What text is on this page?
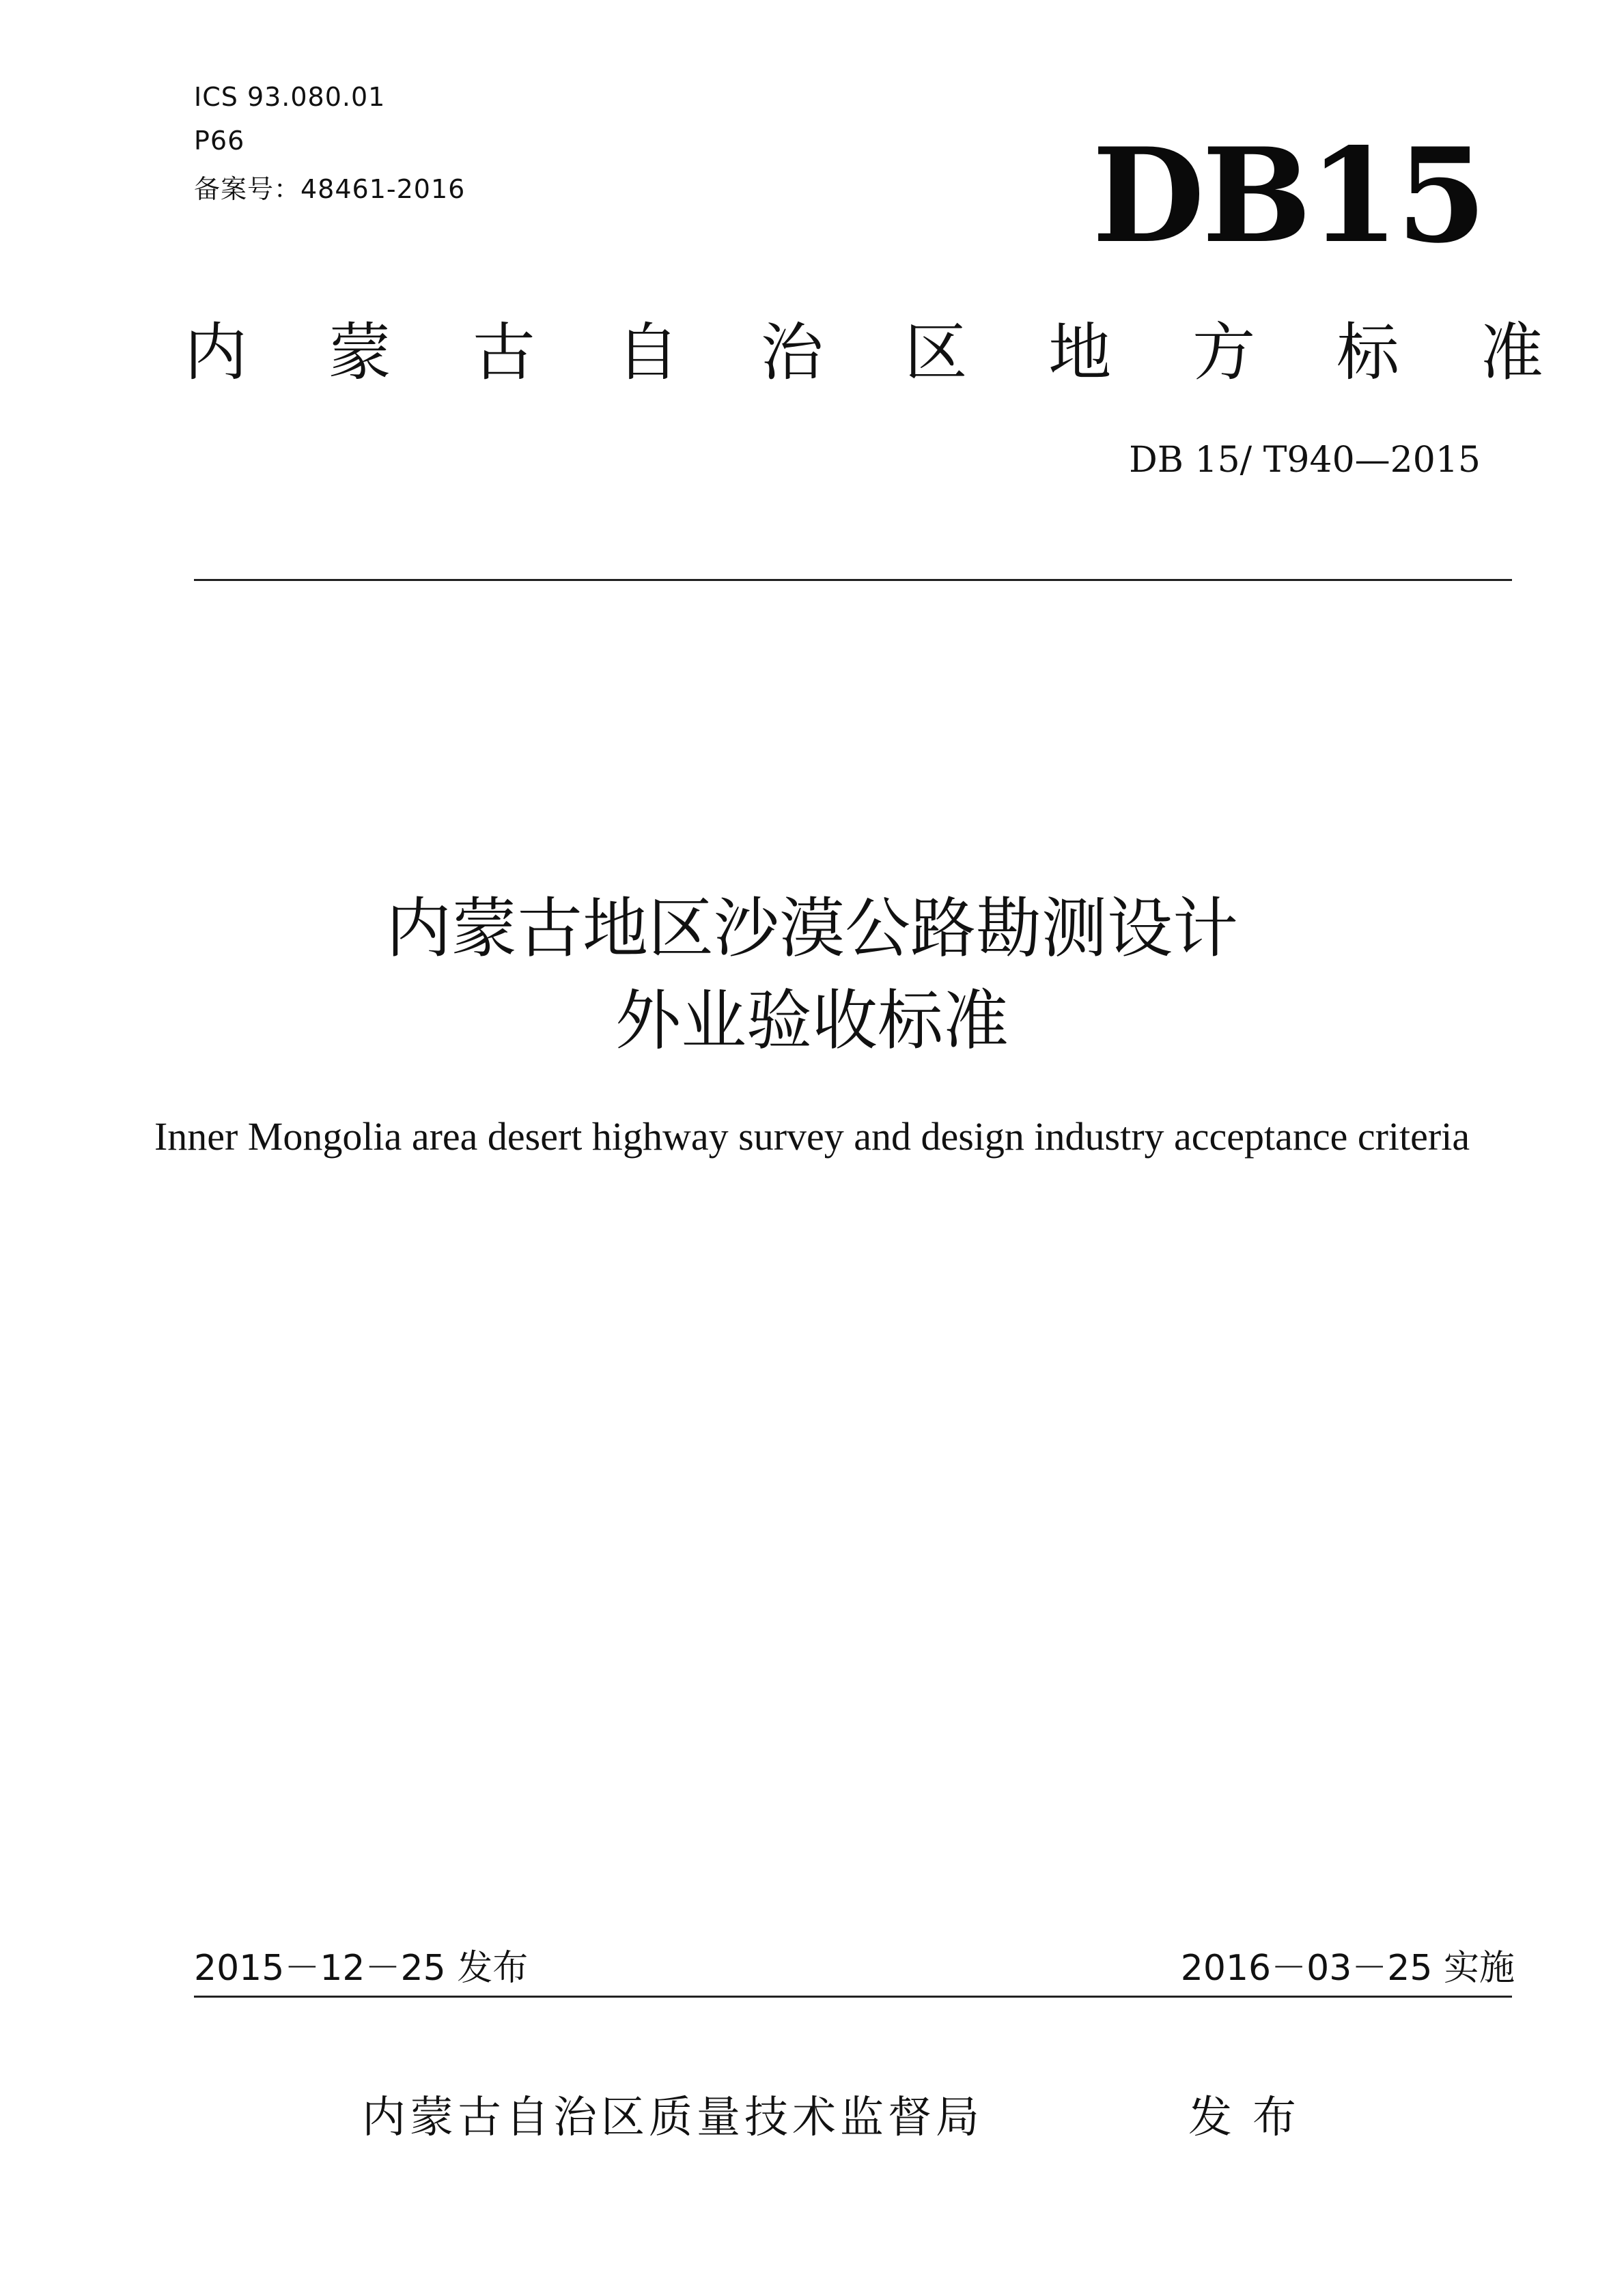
ICS 93.080.01
P66
备案号：48461-2016	DB15
内 蒙 古 自 治 区 地 方 标 准
DB 15/ T940—2015
内蒙古地区沙漠公路勘测设计
外业验收标准
Inner Mongolia area desert highway survey and design industry acceptance criteria
2015－12－25 发布	2016－03－25 实施
内蒙古自治区质量技术监督局	发布
